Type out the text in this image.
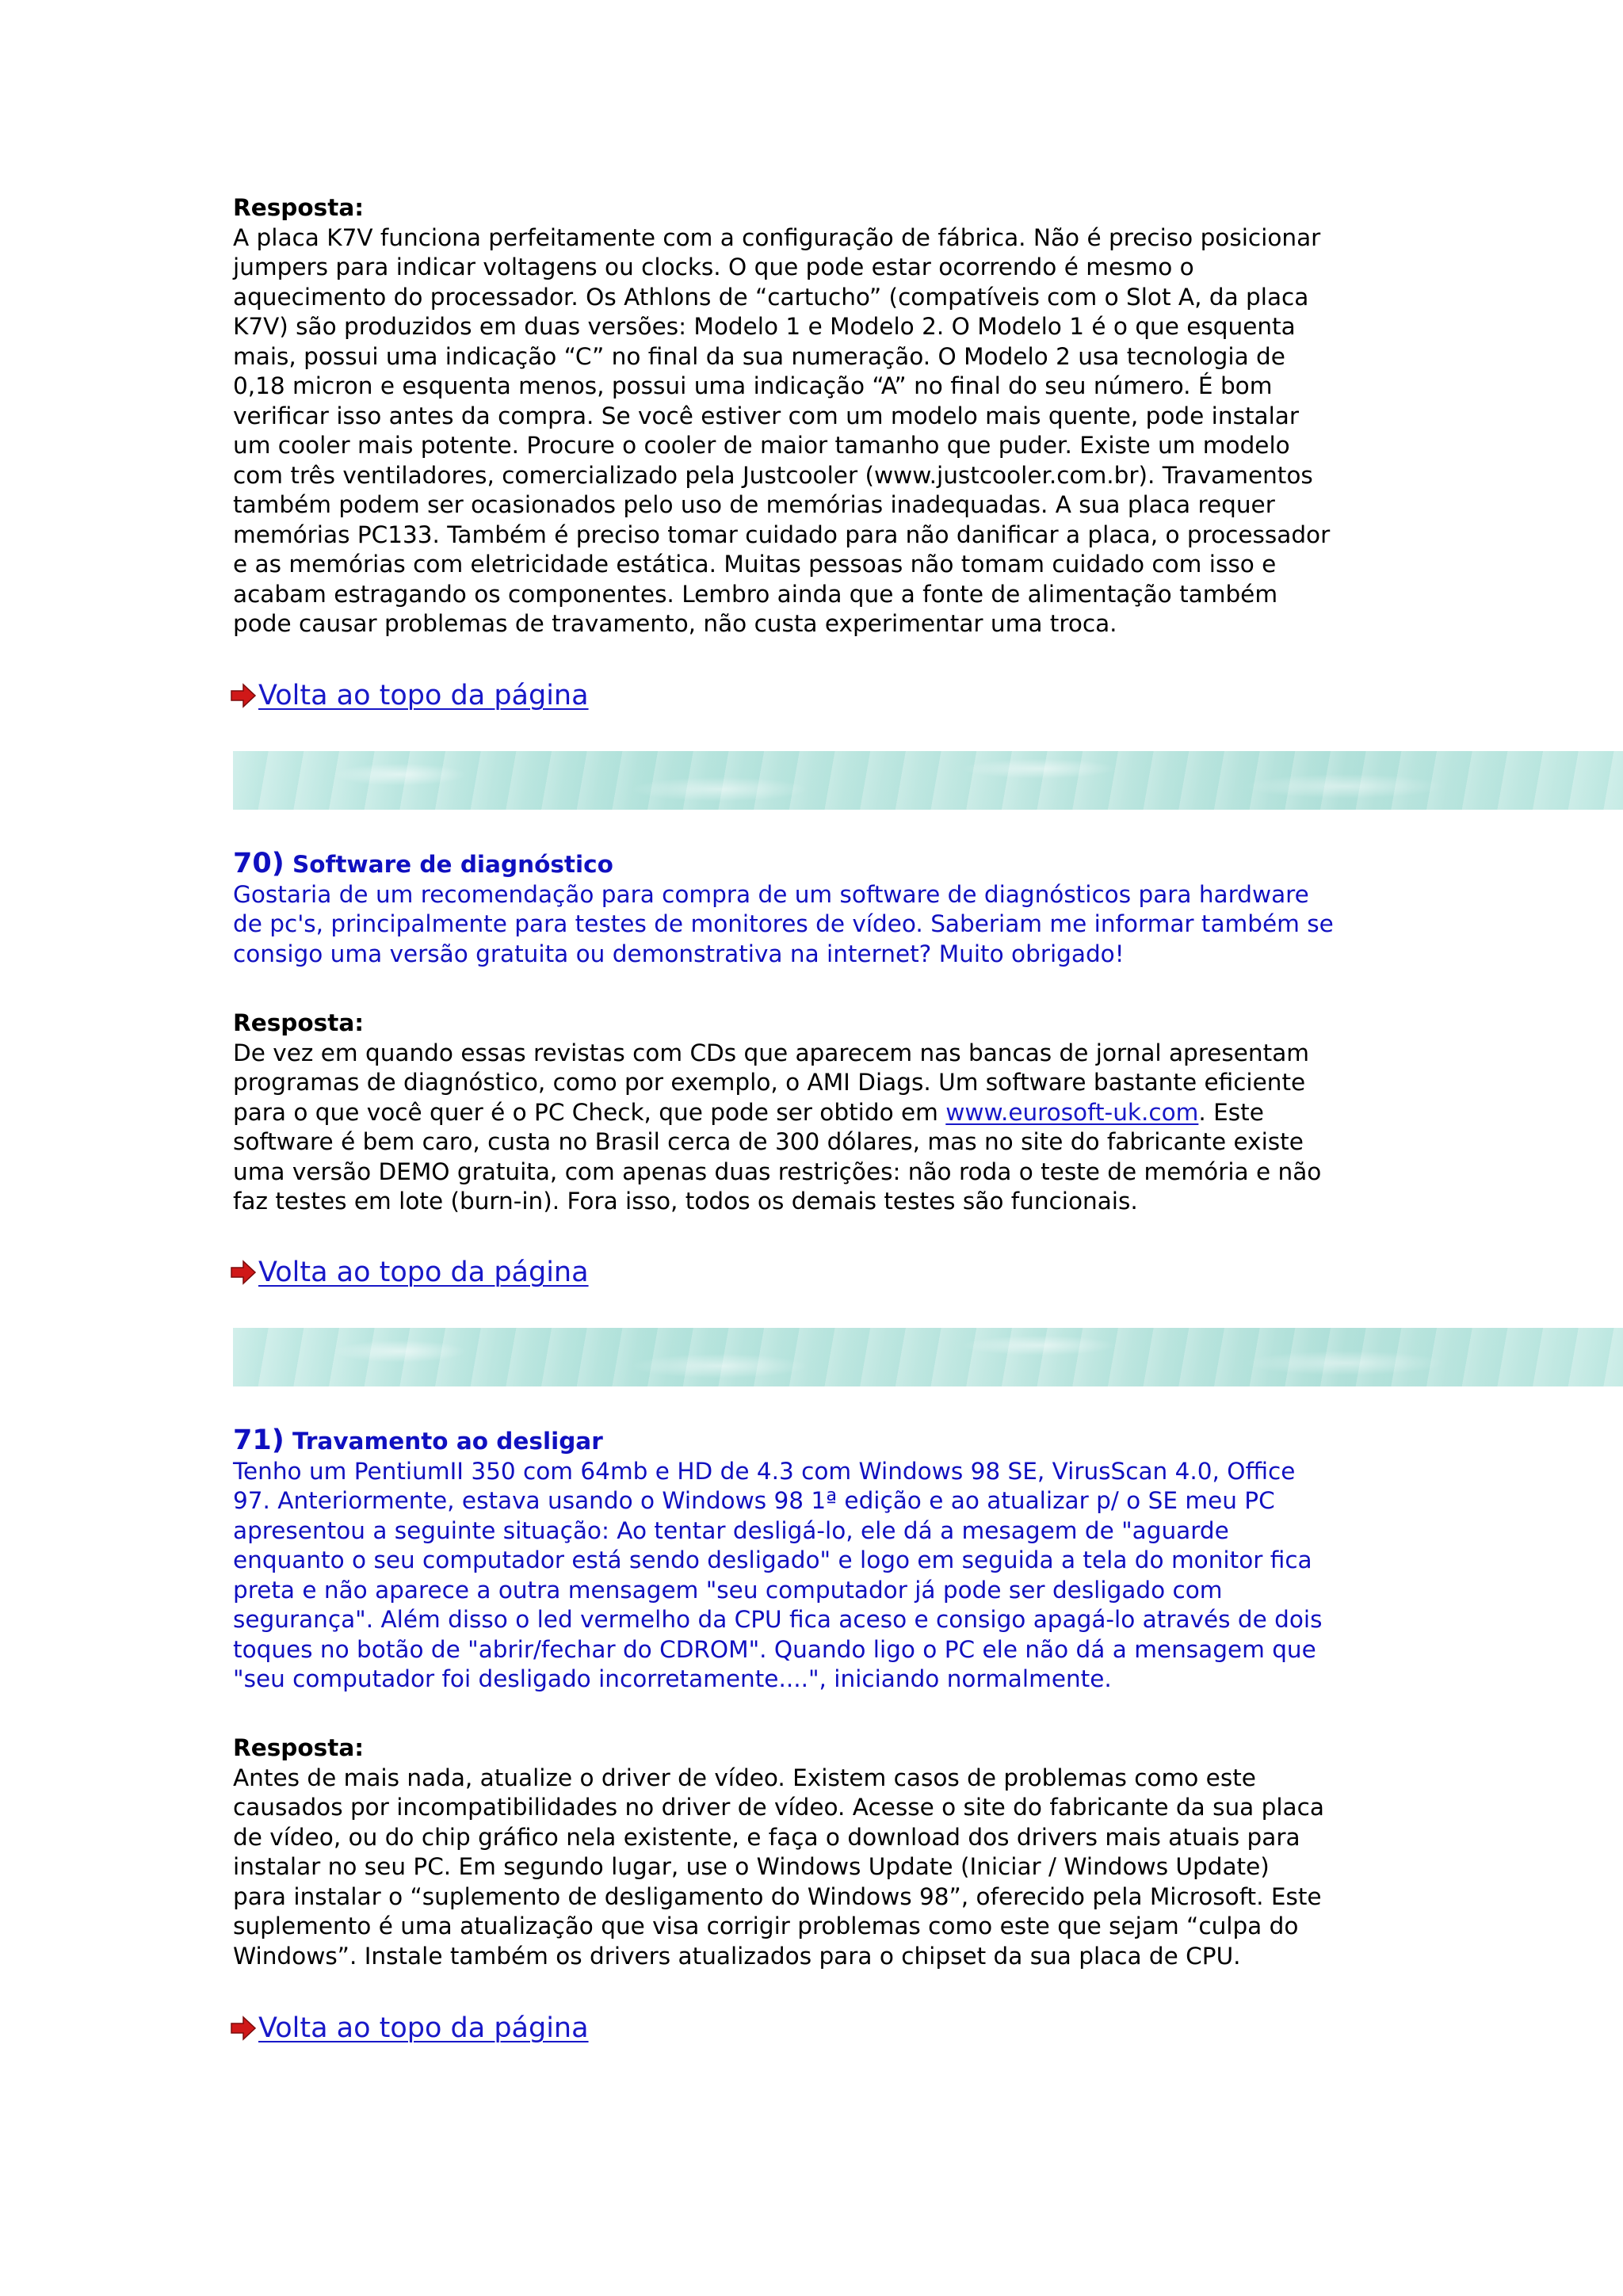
Resposta:
A placa K7V funciona perfeitamente com a configuração de fábrica. Não é preciso posicionar
jumpers para indicar voltagens ou clocks. O que pode estar ocorrendo é mesmo o
aquecimento do processador. Os Athlons de “cartucho” (compatíveis com o Slot A, da placa
K7V) são produzidos em duas versões: Modelo 1 e Modelo 2. O Modelo 1 é o que esquenta
mais, possui uma indicação “C” no final da sua numeração. O Modelo 2 usa tecnologia de
0,18 micron e esquenta menos, possui uma indicação “A” no final do seu número. É bom
verificar isso antes da compra. Se você estiver com um modelo mais quente, pode instalar
um cooler mais potente. Procure o cooler de maior tamanho que puder. Existe um modelo
com três ventiladores, comercializado pela Justcooler (www.justcooler.com.br). Travamentos
também podem ser ocasionados pelo uso de memórias inadequadas. A sua placa requer
memórias PC133. Também é preciso tomar cuidado para não danificar a placa, o processador
e as memórias com eletricidade estática. Muitas pessoas não tomam cuidado com isso e
acabam estragando os componentes. Lembro ainda que a fonte de alimentação também
pode causar problemas de travamento, não custa experimentar uma troca.
Volta ao topo da página
70) Software de diagnóstico
Gostaria de um recomendação para compra de um software de diagnósticos para hardware
de pc's, principalmente para testes de monitores de vídeo. Saberiam me informar também se
consigo uma versão gratuita ou demonstrativa na internet? Muito obrigado!
Resposta:
De vez em quando essas revistas com CDs que aparecem nas bancas de jornal apresentam
programas de diagnóstico, como por exemplo, o AMI Diags. Um software bastante eficiente
para o que você quer é o PC Check, que pode ser obtido em www.eurosoft-uk.com. Este
software é bem caro, custa no Brasil cerca de 300 dólares, mas no site do fabricante existe
uma versão DEMO gratuita, com apenas duas restrições: não roda o teste de memória e não
faz testes em lote (burn-in). Fora isso, todos os demais testes são funcionais.
Volta ao topo da página
71) Travamento ao desligar
Tenho um PentiumII 350 com 64mb e HD de 4.3 com Windows 98 SE, VirusScan 4.0, Office
97. Anteriormente, estava usando o Windows 98 1ª edição e ao atualizar p/ o SE meu PC
apresentou a seguinte situação: Ao tentar desligá-lo, ele dá a mesagem de "aguarde
enquanto o seu computador está sendo desligado" e logo em seguida a tela do monitor fica
preta e não aparece a outra mensagem "seu computador já pode ser desligado com
segurança". Além disso o led vermelho da CPU fica aceso e consigo apagá-lo através de dois
toques no botão de "abrir/fechar do CDROM". Quando ligo o PC ele não dá a mensagem que
"seu computador foi desligado incorretamente....", iniciando normalmente.
Resposta:
Antes de mais nada, atualize o driver de vídeo. Existem casos de problemas como este
causados por incompatibilidades no driver de vídeo. Acesse o site do fabricante da sua placa
de vídeo, ou do chip gráfico nela existente, e faça o download dos drivers mais atuais para
instalar no seu PC. Em segundo lugar, use o Windows Update (Iniciar / Windows Update)
para instalar o “suplemento de desligamento do Windows 98”, oferecido pela Microsoft. Este
suplemento é uma atualização que visa corrigir problemas como este que sejam “culpa do
Windows”. Instale também os drivers atualizados para o chipset da sua placa de CPU.
Volta ao topo da página
